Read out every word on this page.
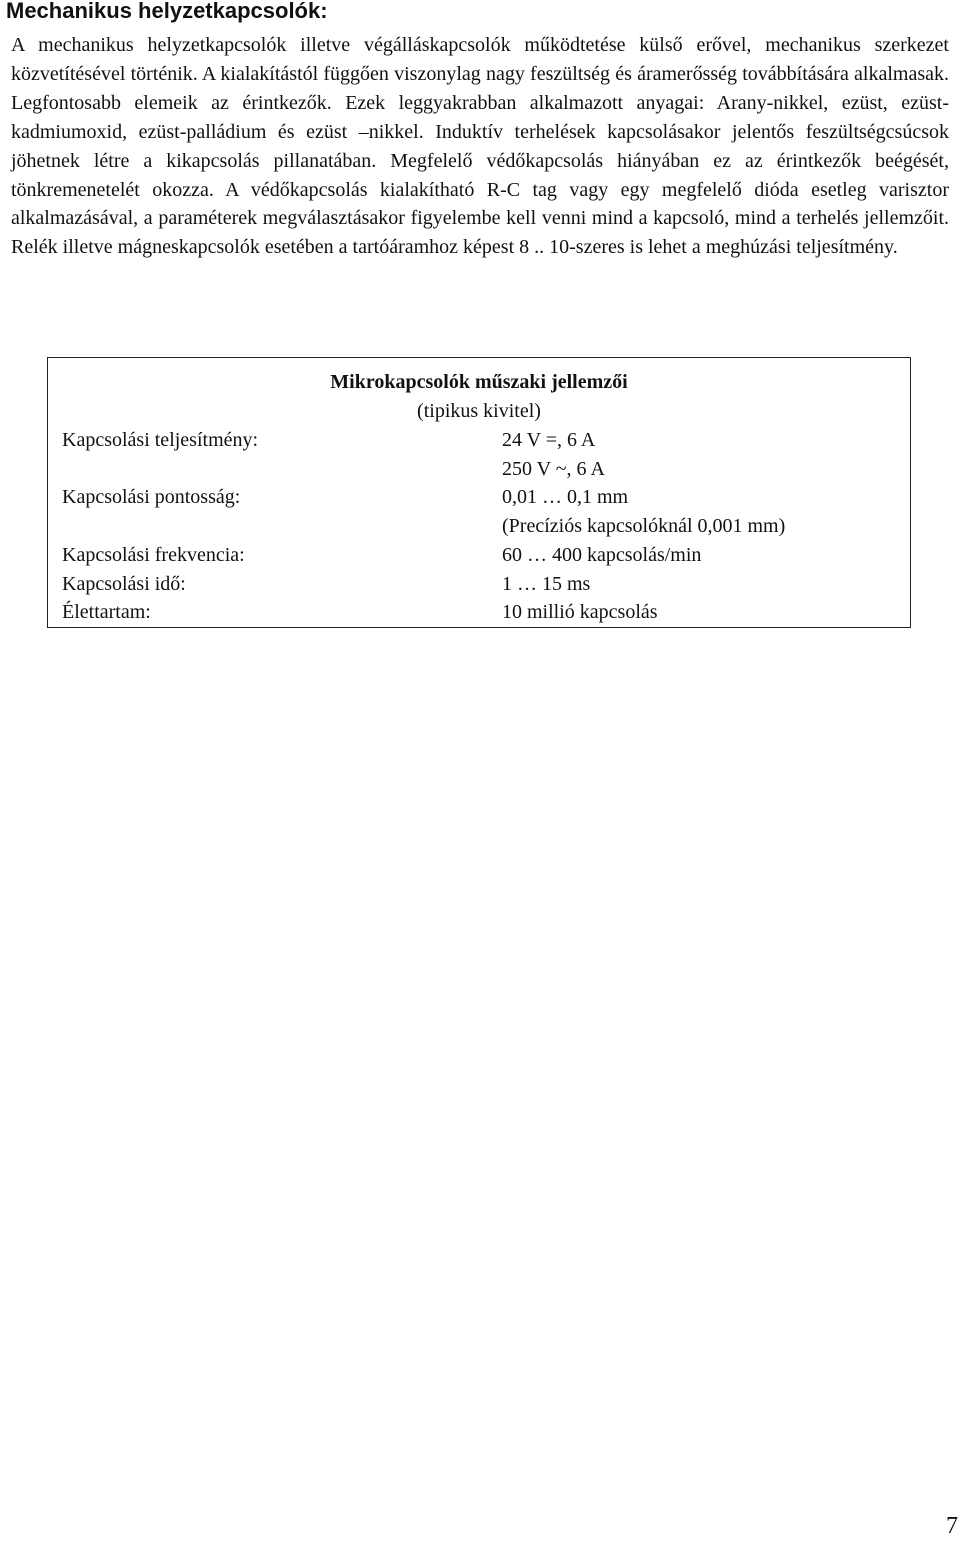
Mechanikus helyzetkapcsolók:
A mechanikus helyzetkapcsolók illetve végálláskapcsolók működtetése külső erővel, mechanikus szerkezet közvetítésével történik. A kialakítástól függően viszonylag nagy feszültség és áramerősség továbbítására alkalmasak. Legfontosabb elemeik az érintkezők. Ezek leggyakrabban alkalmazott anyagai: Arany-nikkel, ezüst, ezüst-kadmiumoxid, ezüst-palládium és ezüst –nikkel. Induktív terhelések kapcsolásakor jelentős feszültségcsúcsok jöhetnek létre a kikapcsolás pillanatában. Megfelelő védőkapcsolás hiányában ez az érintkezők beégését, tönkremenetelét okozza. A védőkapcsolás kialakítható R-C tag vagy egy megfelelő dióda esetleg varisztor alkalmazásával, a paraméterek megválasztásakor figyelembe kell venni mind a kapcsoló, mind a terhelés jellemzőit. Relék illetve mágneskapcsolók esetében a tartóáramhoz képest 8 .. 10-szeres is lehet a meghúzási teljesítmény.
Mikrokapcsolók műszaki jellemzői
(tipikus kivitel)
Kapcsolási teljesítmény:	24 V =, 6 A
250 V ~, 6 A
Kapcsolási pontosság:	0,01 … 0,1 mm
(Precíziós kapcsolóknál 0,001 mm)
Kapcsolási frekvencia:	60 … 400 kapcsolás/min
Kapcsolási idő:	1 … 15 ms
Élettartam:	10 millió kapcsolás
7
